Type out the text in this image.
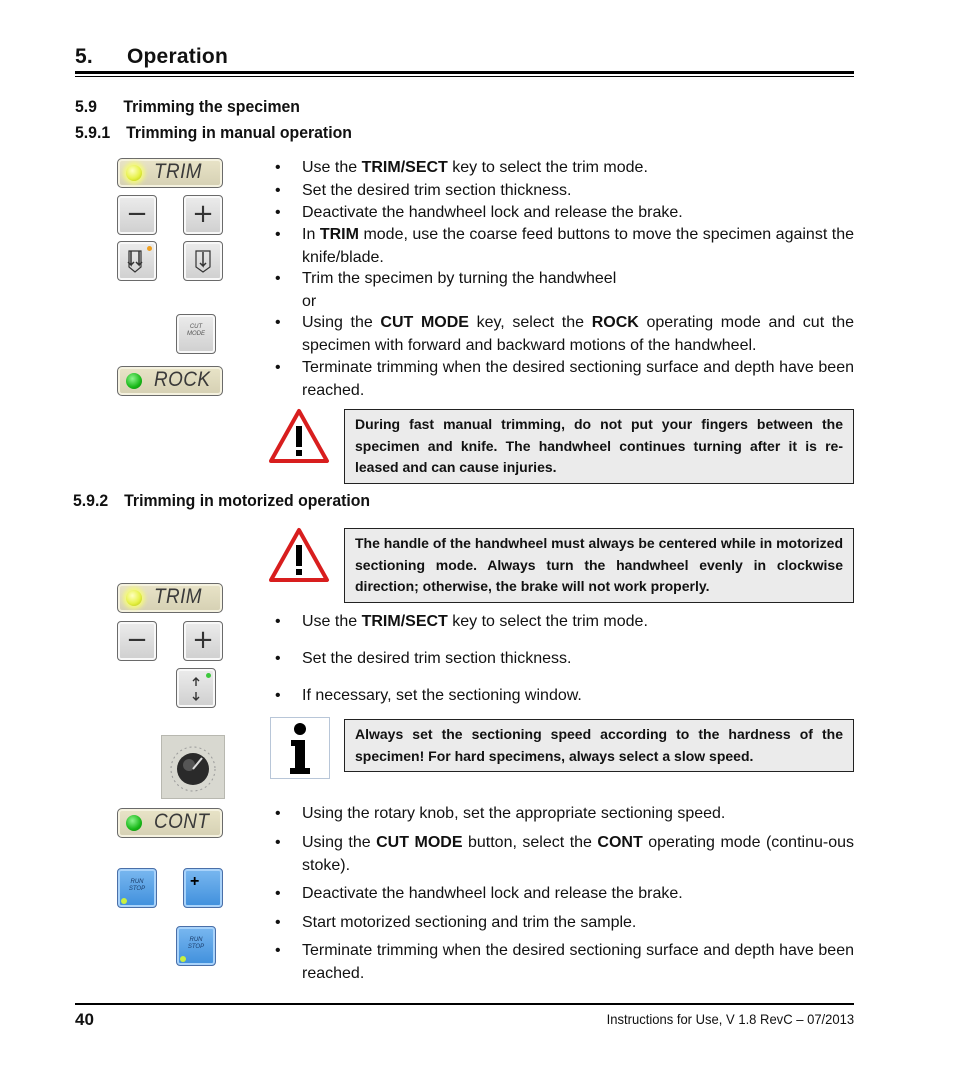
5. Operation
5.9 Trimming the specimen
5.9.1 Trimming in manual operation
TRIM
−	+
CUT
MODE
ROCK
•	Use the TRIM/SECT key to select the trim mode.
•	Set the desired trim section thickness.
•	Deactivate the handwheel lock and release the brake.
•	In TRIM mode, use the coarse feed buttons to move the specimen against the knife/blade.
•	Trim the specimen by turning the handwheel
or
•	Using the CUT MODE key, select the ROCK operating mode and cut the specimen with forward and backward motions of the handwheel.
•	Terminate trimming when the desired sectioning surface and depth have been reached.
During fast manual trimming, do not put your fingers between the specimen and knife. The handwheel continues turning after it is re-leased and can cause injuries.
5.9.2 Trimming in motorized operation
The handle of the handwheel must always be centered while in motorized sectioning mode. Always turn the handwheel evenly in clockwise direction; otherwise, the brake will not work properly.
TRIM
−	+
CONT
RUN
STOP	+
RUN
STOP
•	Use the TRIM/SECT key to select the trim mode.
•	Set the desired trim section thickness.
•	If necessary, set the sectioning window.
Always set the sectioning speed according to the hardness of the specimen! For hard specimens, always select a slow speed.
•	Using the rotary knob, set the appropriate sectioning speed.
•	Using the CUT MODE button, select the CONT operating mode (continu-ous stoke).
•	Deactivate the handwheel lock and release the brake.
•	Start motorized sectioning and trim the sample.
•	Terminate trimming when the desired sectioning surface and depth have been reached.
40	Instructions for Use, V 1.8 RevC – 07/2013
